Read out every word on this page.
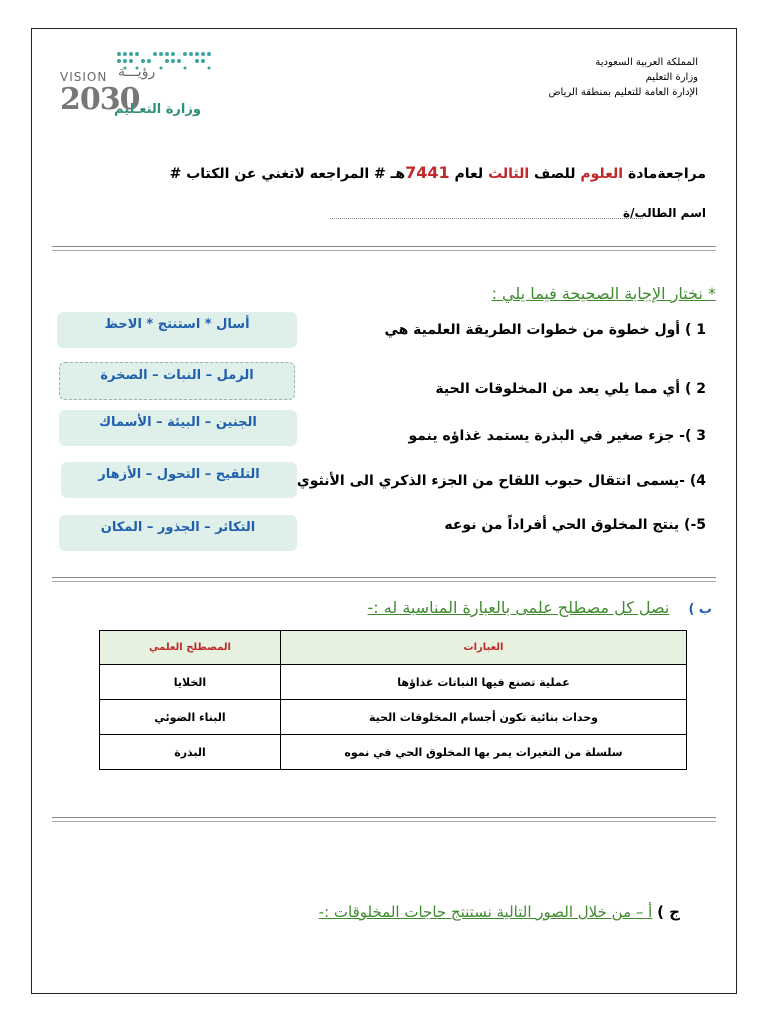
VISION رؤيـــة
2030
وزارة التعـليم
المملكة العربية السعودية
وزارة التعليم
الإدارة العامة للتعليم بمنطقة الرياض
مراجعةمادة العلوم للصف الثالث لعام 7441هـ # المراجعه لاتغني عن الكتاب #
اسم الطالب/ة
* نختار الإجابة الصحيحة فيما يلي :
1 ) أول خطوة من خطوات الطريقة العلمية هي
2 ) أي مما يلي يعد من المخلوقات الحية
3 )- جزء صغير في البذرة يستمد غذاؤه ينمو
4) -يسمى انتقال حبوب اللقاح من الجزء الذكري الى الأنثوي
5-) ينتج المخلوق الحي أفراداً من نوعه
أسال * استنتج * الاحظ
الرمل – النبات – الصخرة
الجنين – البيئة – الأسماك
التلقيح – التحول – الأزهار
التكاثر – الجذور – المكان
ب ) نصل كل مصطلح علمى بالعبارة المناسبة له :-
العبارات	المصطلح العلمي
عملية تصنع فيها النباتات غذاؤها	الخلايا
وحدات بنائية تكون أجسام المخلوقات الحية	البناء الضوئي
سلسلة من التغيرات يمر بها المخلوق الحي في نموه	البذرة
ج ) أ – من خلال الصور التالية نستنتج حاجات المخلوقات :-
